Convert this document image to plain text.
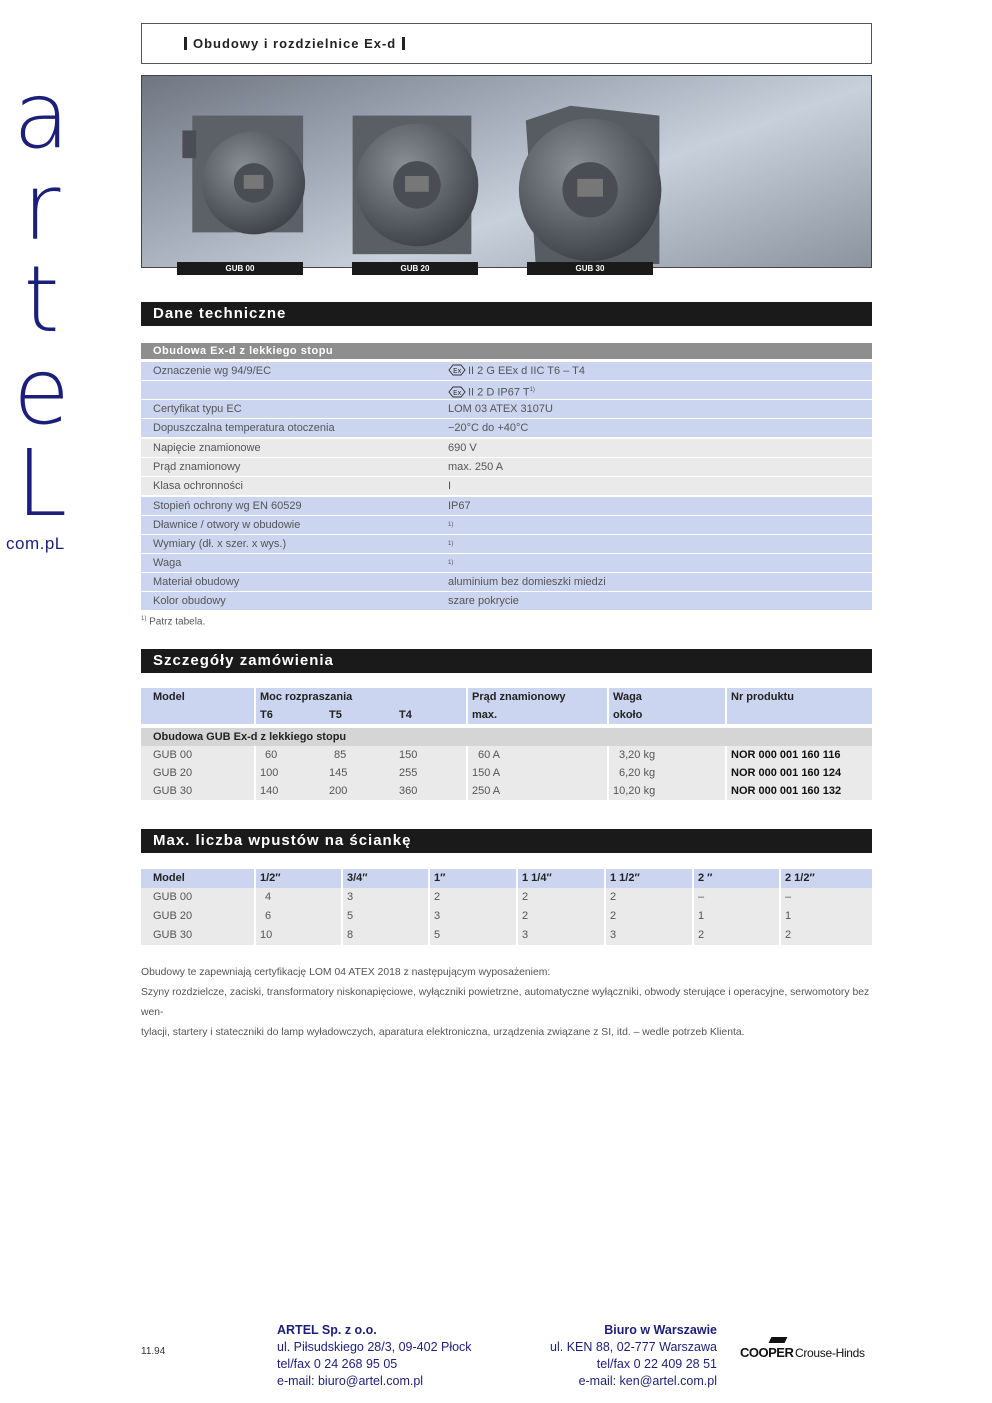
a
r
t
e
L
com.pL
Obudowy i rozdzielnice Ex-d
GUB 00	GUB 20	GUB 30
Dane techniczne
Obudowa Ex-d z lekkiego stopu
Oznaczenie wg 94/9/EC	Ex II 2 G EEx d IIC T6 – T4
Ex II 2 D IP67 $T^{1)}$
Certyfikat typu EC	LOM 03 ATEX 3107U
Dopuszczalna temperatura otoczenia	−20°C do +40°C
Napięcie znamionowe	690 V
Prąd znamionowy	max. 250 A
Klasa ochronności	I
Stopień ochrony wg EN 60529	IP67
Dławnice / otwory w obudowie	$^{1)}$
Wymiary (dł. x szer. x wys.)	$^{1)}$
Waga	$^{1)}$
Materiał obudowy	aluminium bez domieszki miedzi
Kolor obudowy	szare pokrycie
$^{1)}$ Patrz tabela.
Szczegóły zamówienia
Model	Moc rozpraszania			Prąd znamionowy	Waga	Nr produktu
	T6	T5	T4	max.	około	

Obudowa GUB Ex-d z lekkiego stopu						
GUB 00	60	85	150	60 A	3,20 kg	NOR 000 001 160 116
GUB 20	100	145	255	150 A	6,20 kg	NOR 000 001 160 124
GUB 30	140	200	360	250 A	10,20 kg	NOR 000 001 160 132
Max. liczba wpustów na ściankę
Model	1/2″	3/4″	1″	1 1/4″	1 1/2″	2 ″	2 1/2″
GUB 00	4	3	2	2	2	–	–
GUB 20	6	5	3	2	2	1	1
GUB 30	10	8	5	3	3	2	2
Obudowy te zapewniają certyfikację LOM 04 ATEX 2018 z następującym wyposażeniem:
Szyny rozdzielcze, zaciski, transformatory niskonapięciowe, wyłączniki powietrzne, automatyczne wyłączniki, obwody sterujące i operacyjne, serwomotory bez wen-
tylacji, startery i stateczniki do lamp wyładowczych, aparatura elektroniczna, urządzenia związane z SI, itd. – wedle potrzeb Klienta.
11.94
ARTEL Sp. z o.o.
ul. Piłsudskiego 28/3, 09-402 Płock
tel/fax 0 24 268 95 05
e-mail: biuro@artel.com.pl
Biuro w Warszawie
ul. KEN 88, 02-777 Warszawa
tel/fax 0 22 409 28 51
e-mail: ken@artel.com.pl
COOPER Crouse-Hinds
